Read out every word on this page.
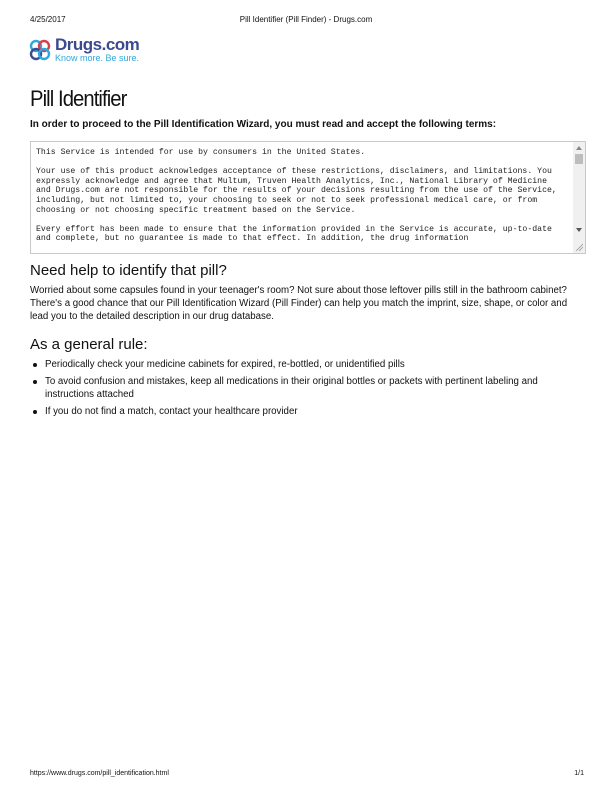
4/25/2017	Pill Identifier (Pill Finder) - Drugs.com
Drugs.com
Know more. Be sure.
Pill Identifier
In order to proceed to the Pill Identification Wizard, you must read and accept the following terms:

This Service is intended for use by consumers in the United States.

Your use of this product acknowledges acceptance of these restrictions, disclaimers, and limitations. You expressly acknowledge and agree that Multum, Truven Health Analytics, Inc., National Library of Medicine and Drugs.com are not responsible for the results of your decisions resulting from the use of the Service, including, but not limited to, your choosing to seek or not to seek professional medical care, or from choosing or not choosing specific treatment based on the Service.

Every effort has been made to ensure that the information provided in the Service is accurate, up-to-date and complete, but no guarantee is made to that effect. In addition, the drug information

Need help to identify that pill?
Worried about some capsules found in your teenager's room? Not sure about those leftover pills still in the bathroom cabinet? There's a good chance that our Pill Identification Wizard (Pill Finder) can help you match the imprint, size, shape, or color and lead you to the detailed description in our drug database.
As a general rule:
Periodically check your medicine cabinets for expired, re-bottled, or unidentified pills
To avoid confusion and mistakes, keep all medications in their original bottles or packets with pertinent labeling and instructions attached
If you do not find a match, contact your healthcare provider
https://www.drugs.com/pill_identification.html	1/1
